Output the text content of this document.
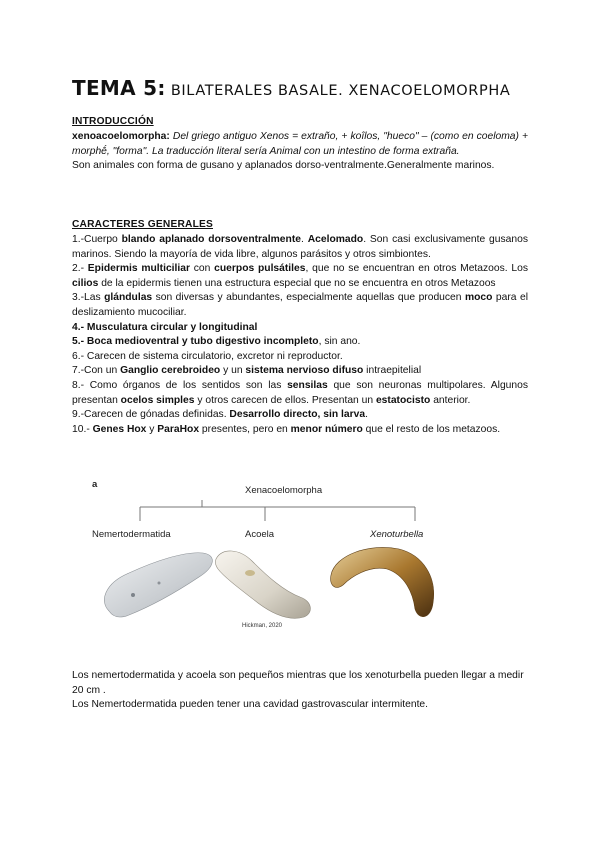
TEMA 5: BILATERALES BASALE. XENACOELOMORPHA
INTRODUCCIÓN

xenoacoelomorpha: Del griego antiguo Xenos = extraño, + koîlos, "hueco" – (como en coeloma) + morphḗ, "forma". La traducción literal sería Animal con un intestino de forma extraña.

Son animales con forma de gusano y aplanados dorso-ventralmente.Generalmente marinos.

CARACTERES GENERALES

1.-Cuerpo blando aplanado dorsoventralmente. Acelomado. Son casi exclusivamente gusanos marinos. Siendo la mayoría de vida libre, algunos parásitos y otros simbiontes.

2.- Epidermis multiciliar con cuerpos pulsátiles, que no se encuentran en otros Metazoos. Los cilios de la epidermis tienen una estructura especial que no se encuentra en otros Metazoos

3.-Las glándulas son diversas y abundantes, especialmente aquellas que producen moco para el deslizamiento mucociliar.

4.- Musculatura circular y longitudinal

5.- Boca medioventral y tubo digestivo incompleto, sin ano.

6.- Carecen de sistema circulatorio, excretor ni reproductor.

7.-Con un Ganglio cerebroideo y un sistema nervioso difuso intraepitelial

8.- Como órganos de los sentidos son las sensilas que son neuronas multipolares. Algunos presentan ocelos simples y otros carecen de ellos. Presentan un estatocisto anterior.

9.-Carecen de gónadas definidas. Desarrollo directo, sin larva.

10.- Genes Hox y ParaHox presentes, pero en menor número que el resto de los metazoos.

a
Xenacoelomorpha
Nemertodermatida	Acoela	Xenoturbella
Hickman, 2020

Los nemertodermatida y acoela son pequeños mientras que los xenoturbella pueden llegar a medir 20 cm .

Los Nemertodermatida pueden tener una cavidad gastrovascular intermitente.
